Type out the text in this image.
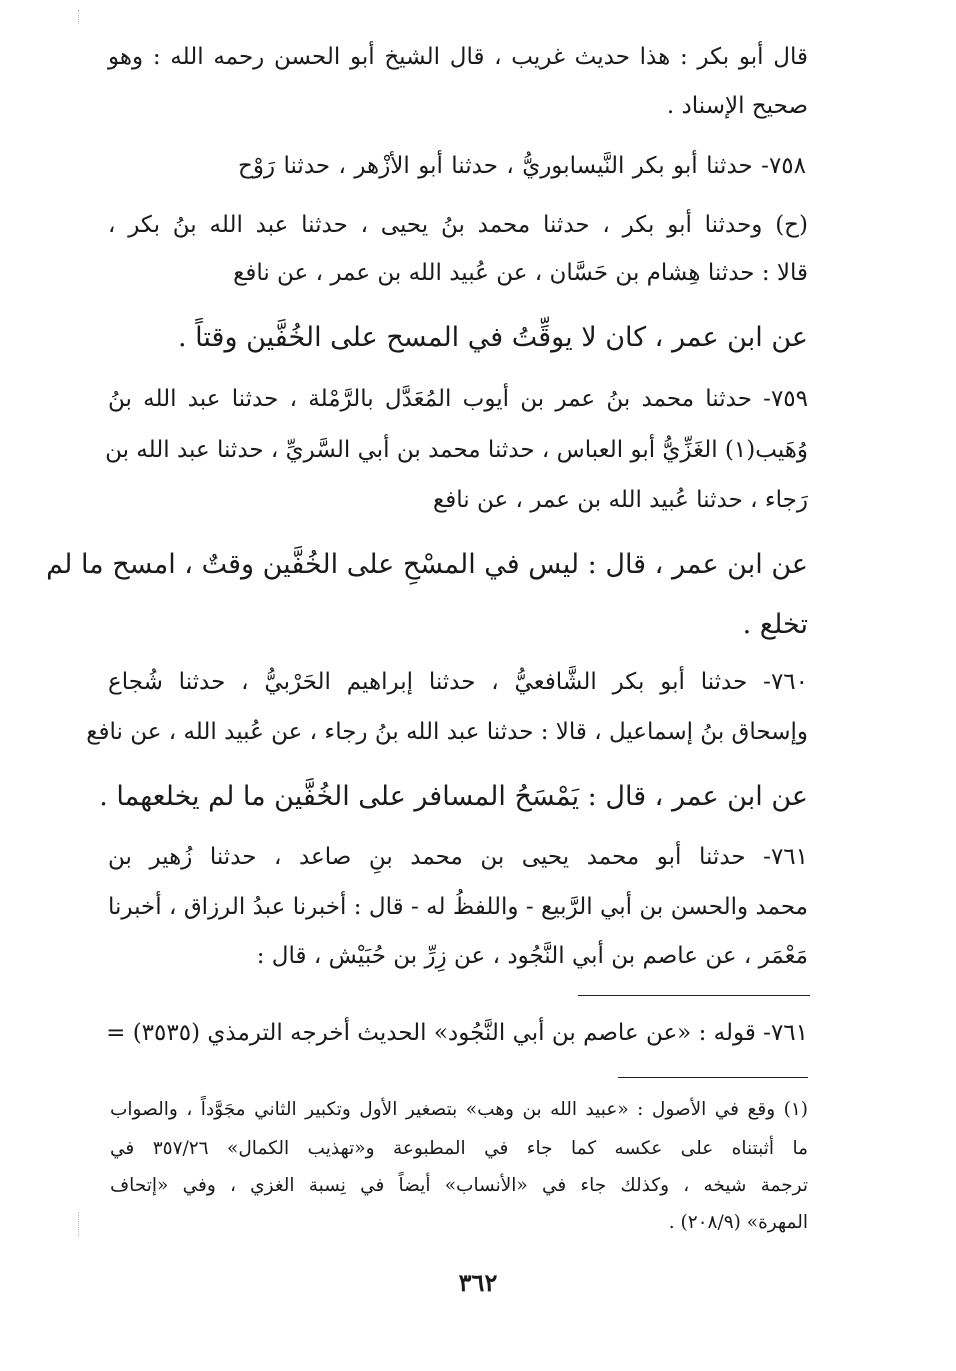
قال أبو بكر : هذا حديث غريب ، قال الشيخ أبو الحسن رحمه الله : وهو
صحيح الإسناد .
٧٥٨- حدثنا أبو بكر النَّيسابوريُّ ، حدثنا أبو الأزْهر ، حدثنا رَوْح
(ح) وحدثنا أبو بكر ، حدثنا محمد بنُ يحيى ، حدثنا عبد الله بنُ بكر ،
قالا : حدثنا هِشام بن حَسَّان ، عن عُبيد الله بن عمر ، عن نافع
عن ابن عمر ، كان لا يوقِّتُ في المسح على الخُفَّين وقتاً .
٧٥٩- حدثنا محمد بنُ عمر بن أيوب المُعَدَّل بالرَّمْلة ، حدثنا عبد الله بنُ
وُهَيب(١) الغَزِّيُّ أبو العباس ، حدثنا محمد بن أبي السَّريِّ ، حدثنا عبد الله بن
رَجاء ، حدثنا عُبيد الله بن عمر ، عن نافع
عن ابن عمر ، قال : ليس في المسْحِ على الخُفَّين وقتٌ ، امسح ما لم
تخلع .
٧٦٠- حدثنا أبو بكر الشَّافعيُّ ، حدثنا إبراهيم الحَرْبيُّ ، حدثنا شُجاع
وإسحاق بنُ إسماعيل ، قالا : حدثنا عبد الله بنُ رجاء ، عن عُبيد الله ، عن نافع
عن ابن عمر ، قال : يَمْسَحُ المسافر على الخُفَّين ما لم يخلعهما .
٧٦١- حدثنا أبو محمد يحيى بن محمد بنِ صاعد ، حدثنا زُهير بن
محمد والحسن بن أبي الرَّبيع - واللفظُ له - قال : أخبرنا عبدُ الرزاق ، أخبرنا
مَعْمَر ، عن عاصم بن أبي النَّجُود ، عن زِرِّ بن حُبَيْش ، قال :
٧٦١- قوله : «عن عاصم بن أبي النَّجُود» الحديث أخرجه الترمذي (٣٥٣٥) =
(١) وقع في الأصول : «عبيد الله بن وهب» بتصغير الأول وتكبير الثاني مجَوَّداً ، والصواب
ما أثبتناه على عكسه كما جاء في المطبوعة و«تهذيب الكمال» ٣٥٧/٢٦ في
ترجمة شيخه ، وكذلك جاء في «الأنساب» أيضاً في نِسبة الغزي ، وفي «إتحاف
المهرة» (٢٠٨/٩) .
٣٦٢
